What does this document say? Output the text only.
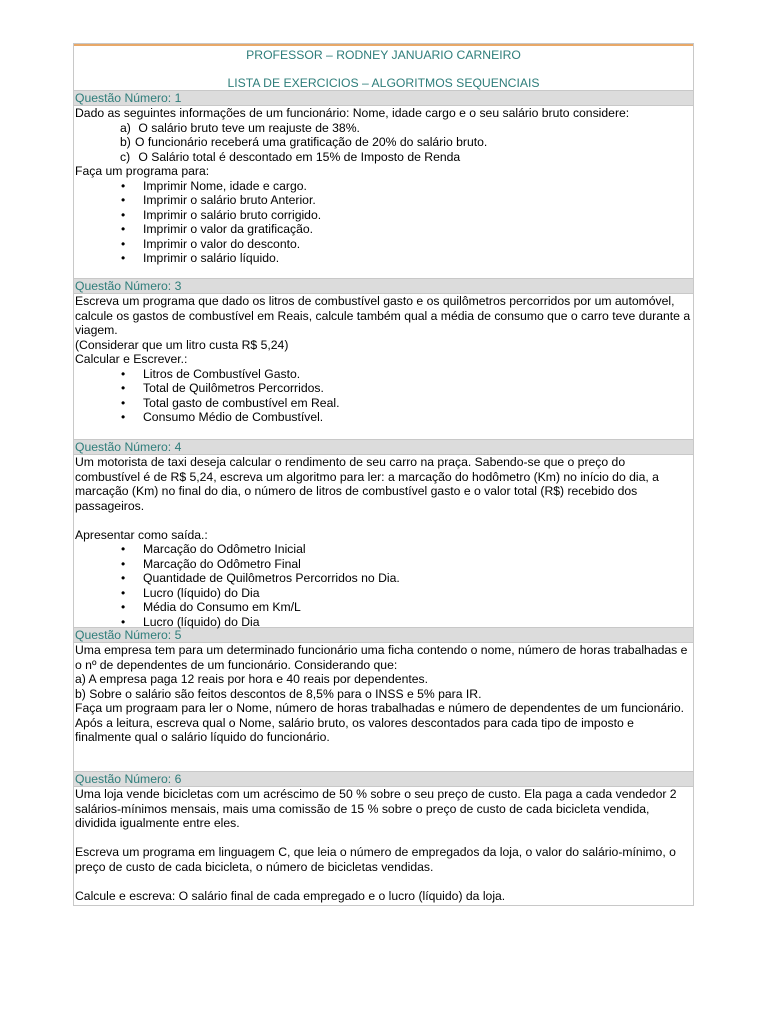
PROFESSOR – RODNEY JANUARIO CARNEIRO
LISTA DE EXERCICIOS – ALGORITMOS SEQUENCIAIS
Questão Número: 1

Dado as seguintes informações de um funcionário: Nome, idade cargo e o seu salário bruto considere:

a) O salário bruto teve um reajuste de 38%.
b) O funcionário receberá uma gratificação de 20% do salário bruto.
c) O Salário total é descontado em 15% de Imposto de Renda

Faça um programa para:

• Imprimir Nome, idade e cargo.
• Imprimir o salário bruto Anterior.
• Imprimir o salário bruto corrigido.
• Imprimir o valor da gratificação.
• Imprimir o valor do desconto.
• Imprimir o salário líquido.
Questão Número: 3

Escreva um programa que dado os litros de combustível gasto e os quilômetros percorridos por um automóvel, calcule os gastos de combustível em Reais, calcule também qual a média de consumo que o carro teve durante a viagem.

(Considerar que um litro custa R$ 5,24)

Calcular e Escrever.:

• Litros de Combustível Gasto.
• Total de Quilômetros Percorridos.
• Total gasto de combustível em Real.
• Consumo Médio de Combustível.
Questão Número: 4

Um motorista de taxi deseja calcular o rendimento de seu carro na praça. Sabendo-se que o preço do combustível é de R$ 5,24, escreva um algoritmo para ler: a marcação do hodômetro (Km) no início do dia, a marcação (Km) no final do dia, o número de litros de combustível gasto e o valor total (R$) recebido dos passageiros.

Apresentar como saída.:

• Marcação do Odômetro Inicial
• Marcação do Odômetro Final
• Quantidade de Quilômetros Percorridos no Dia.
• Lucro (líquido) do Dia
• Média do Consumo em Km/L
• Lucro (líquido) do Dia
Questão Número: 5

Uma empresa tem para um determinado funcionário uma ficha contendo o nome, número de horas trabalhadas e o nº de dependentes de um funcionário. Considerando que:

a) A empresa paga 12 reais por hora e 40 reais por dependentes.

b) Sobre o salário são feitos descontos de 8,5% para o INSS e 5% para IR.

Faça um prograam para ler o Nome, número de horas trabalhadas e número de dependentes de um funcionário.

Após a leitura, escreva qual o Nome, salário bruto, os valores descontados para cada tipo de imposto e finalmente qual o salário líquido do funcionário.

Questão Número: 6

Uma loja vende bicicletas com um acréscimo de 50 % sobre o seu preço de custo. Ela paga a cada vendedor 2 salários-mínimos mensais, mais uma comissão de 15 % sobre o preço de custo de cada bicicleta vendida, dividida igualmente entre eles.

Escreva um programa em linguagem C, que leia o número de empregados da loja, o valor do salário-mínimo, o preço de custo de cada bicicleta, o número de bicicletas vendidas.

Calcule e escreva: O salário final de cada empregado e o lucro (líquido) da loja.
